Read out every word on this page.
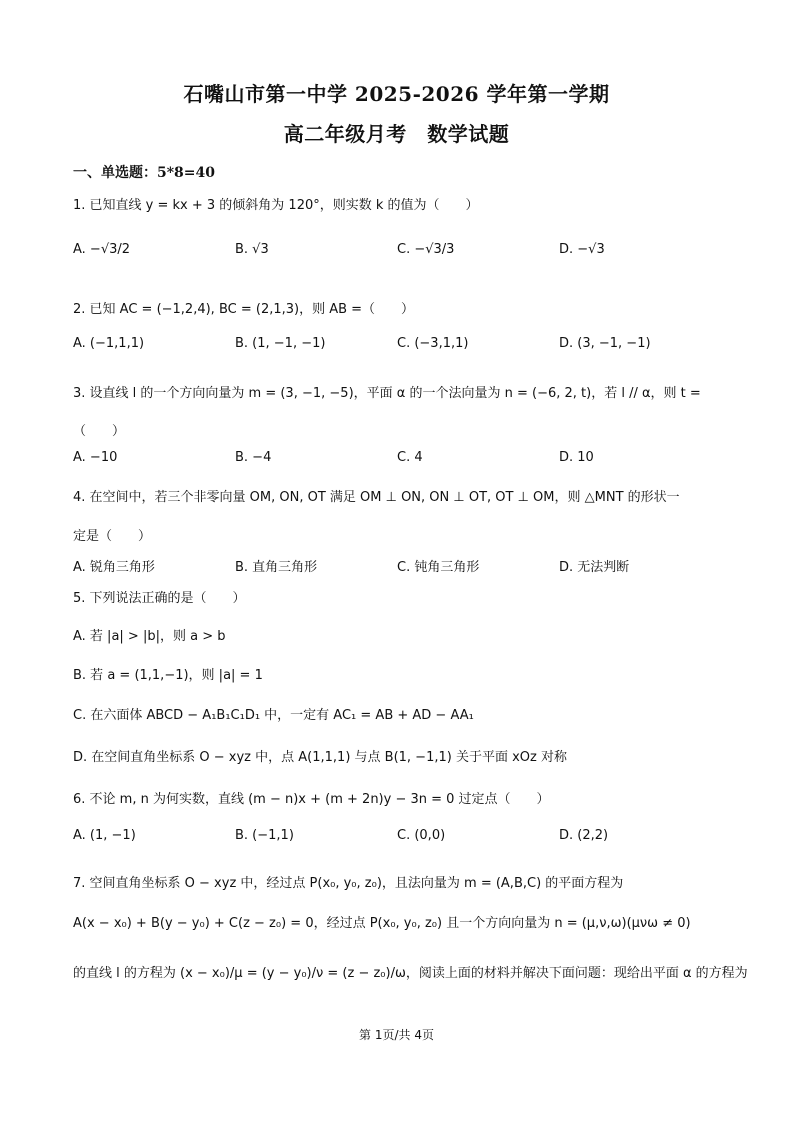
石嘴山市第一中学 2025-2026 学年第一学期
高二年级月考　数学试题
一、单选题：5*8=40
1. 已知直线 y = kx + 3 的倾斜角为 120°，则实数 k 的值为（　　）
A. −√3/2	B. √3	C. −√3/3	D. −√3
2. 已知 AC = (−1,2,4), BC = (2,1,3)，则 AB =（　　）
A. (−1,1,1)	B. (1, −1, −1)	C. (−3,1,1)	D. (3, −1, −1)
3. 设直线 l 的一个方向向量为 m = (3, −1, −5)，平面 α 的一个法向量为 n = (−6, 2, t)，若 l // α，则 t =
（　　）
A. −10	B. −4	C. 4	D. 10
4. 在空间中，若三个非零向量 OM, ON, OT 满足 OM ⊥ ON, ON ⊥ OT, OT ⊥ OM，则 △MNT 的形状一
定是（　　）
A. 锐角三角形	B. 直角三角形	C. 钝角三角形	D. 无法判断
5. 下列说法正确的是（　　）
A. 若 |a| > |b|，则 a > b
B. 若 a = (1,1,−1)，则 |a| = 1
C. 在六面体 ABCD − A₁B₁C₁D₁ 中，一定有 AC₁ = AB + AD − AA₁
D. 在空间直角坐标系 O − xyz 中，点 A(1,1,1) 与点 B(1, −1,1) 关于平面 xOz 对称
6. 不论 m, n 为何实数，直线 (m − n)x + (m + 2n)y − 3n = 0 过定点（　　）
A. (1, −1)	B. (−1,1)	C. (0,0)	D. (2,2)
7. 空间直角坐标系 O − xyz 中，经过点 P(x₀, y₀, z₀)，且法向量为 m = (A,B,C) 的平面方程为
A(x − x₀) + B(y − y₀) + C(z − z₀) = 0，经过点 P(x₀, y₀, z₀) 且一个方向向量为 n = (μ,ν,ω)(μνω ≠ 0)
的直线 l 的方程为 (x − x₀)/μ = (y − y₀)/ν = (z − z₀)/ω，阅读上面的材料并解决下面问题：现给出平面 α 的方程为
第 1页/共 4页
